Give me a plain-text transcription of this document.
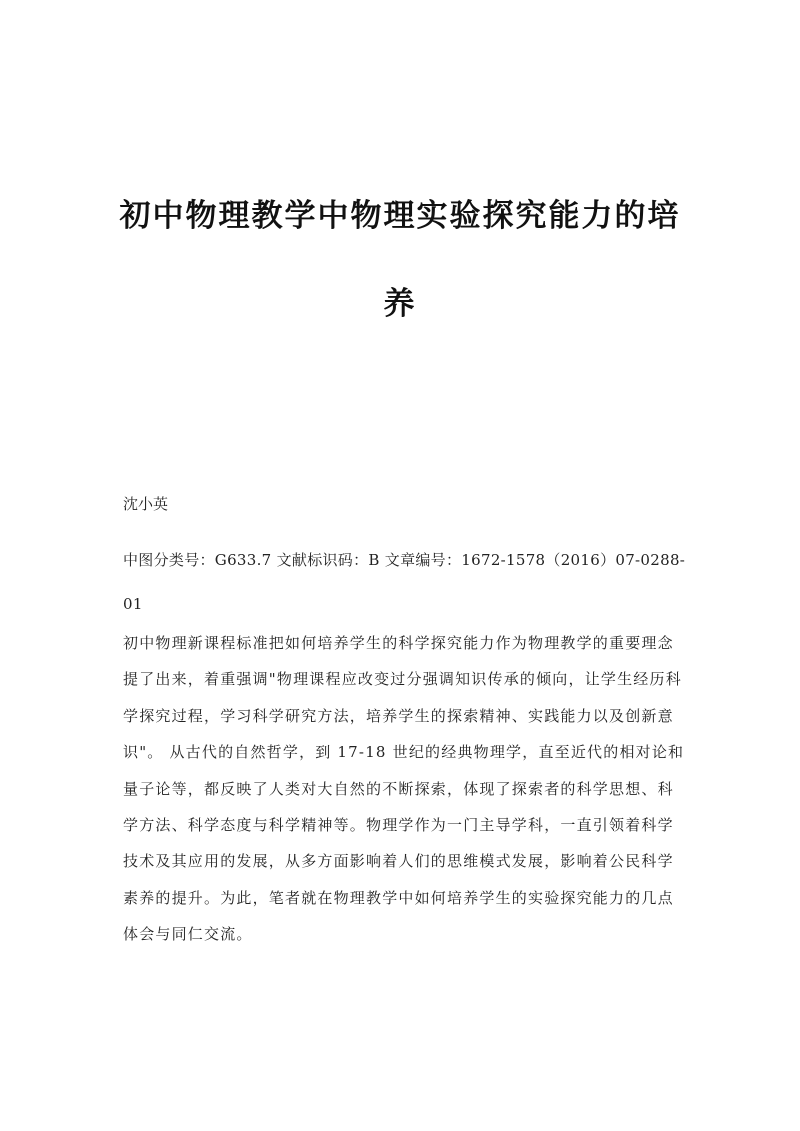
初中物理教学中物理实验探究能力的培
养
沈小英
中图分类号：G633.7 文献标识码：B 文章编号：1672-1578（2016）07-0288-
01
初中物理新课程标准把如何培养学生的科学探究能力作为物理教学的重要理念
提了出来，着重强调"物理课程应改变过分强调知识传承的倾向，让学生经历科
学探究过程，学习科学研究方法，培养学生的探索精神、实践能力以及创新意
识"。 从古代的自然哲学，到 17-18 世纪的经典物理学，直至近代的相对论和
量子论等，都反映了人类对大自然的不断探索，体现了探索者的科学思想、科
学方法、科学态度与科学精神等。物理学作为一门主导学科，一直引领着科学
技术及其应用的发展，从多方面影响着人们的思维模式发展，影响着公民科学
素养的提升。为此，笔者就在物理教学中如何培养学生的实验探究能力的几点
体会与同仁交流。
